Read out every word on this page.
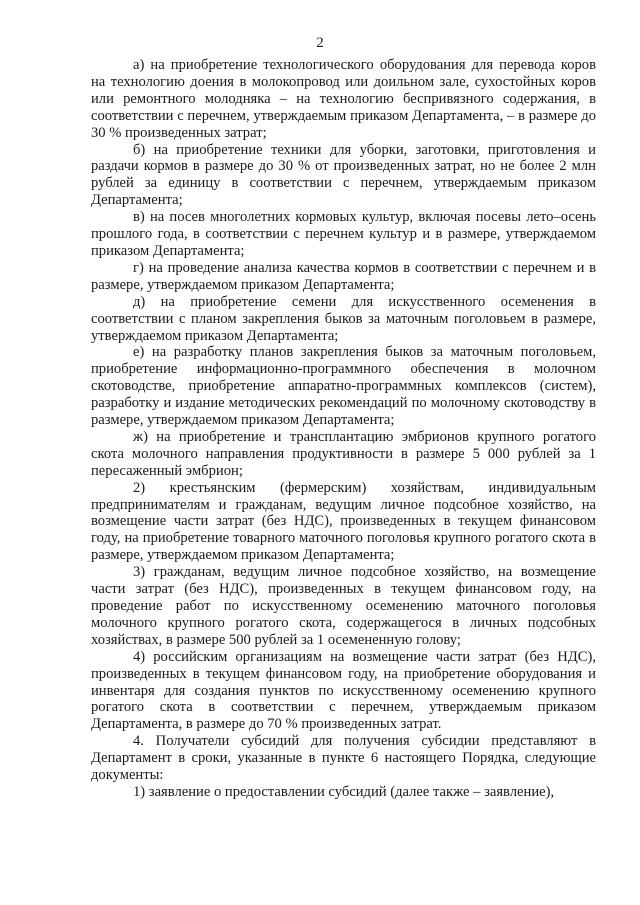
2

а) на приобретение технологического оборудования для перевода коров на технологию доения в молокопровод или доильном зале, сухостойных коров или ремонтного молодняка – на технологию беспривязного содержания, в соответствии с перечнем, утверждаемым приказом Департамента, – в размере до 30 % произведенных затрат;

б) на приобретение техники для уборки, заготовки, приготовления и раздачи кормов в размере до 30 % от произведенных затрат, но не более 2 млн рублей за единицу в соответствии с перечнем, утверждаемым приказом Департамента;

в) на посев многолетних кормовых культур, включая посевы лето–осень прошлого года, в соответствии с перечнем культур и в размере, утверждаемом приказом Департамента;

г) на проведение анализа качества кормов в соответствии с перечнем и в размере, утверждаемом приказом Департамента;

д) на приобретение семени для искусственного осеменения в соответствии с планом закрепления быков за маточным поголовьем в размере, утверждаемом приказом Департамента;

е) на разработку планов закрепления быков за маточным поголовьем, приобретение информационно-программного обеспечения в молочном скотоводстве, приобретение аппаратно-программных комплексов (систем), разработку и издание методических рекомендаций по молочному скотоводству в размере, утверждаемом приказом Департамента;

ж) на приобретение и трансплантацию эмбрионов крупного рогатого скота молочного направления продуктивности в размере 5 000 рублей за 1 пересаженный эмбрион;

2) крестьянским (фермерским) хозяйствам, индивидуальным предпринимателям и гражданам, ведущим личное подсобное хозяйство, на возмещение части затрат (без НДС), произведенных в текущем финансовом году, на приобретение товарного маточного поголовья крупного рогатого скота в размере, утверждаемом приказом Департамента;

3) гражданам, ведущим личное подсобное хозяйство, на возмещение части затрат (без НДС), произведенных в текущем финансовом году, на проведение работ по искусственному осеменению маточного поголовья молочного крупного рогатого скота, содержащегося в личных подсобных хозяйствах, в размере 500 рублей за 1 осемененную голову;

4) российским организациям на возмещение части затрат (без НДС), произведенных в текущем финансовом году, на приобретение оборудования и инвентаря для создания пунктов по искусственному осеменению крупного рогатого скота в соответствии с перечнем, утверждаемым приказом Департамента, в размере до 70 % произведенных затрат.

4. Получатели субсидий для получения субсидии представляют в Департамент в сроки, указанные в пункте 6 настоящего Порядка, следующие документы:

1) заявление о предоставлении субсидий (далее также – заявление),
